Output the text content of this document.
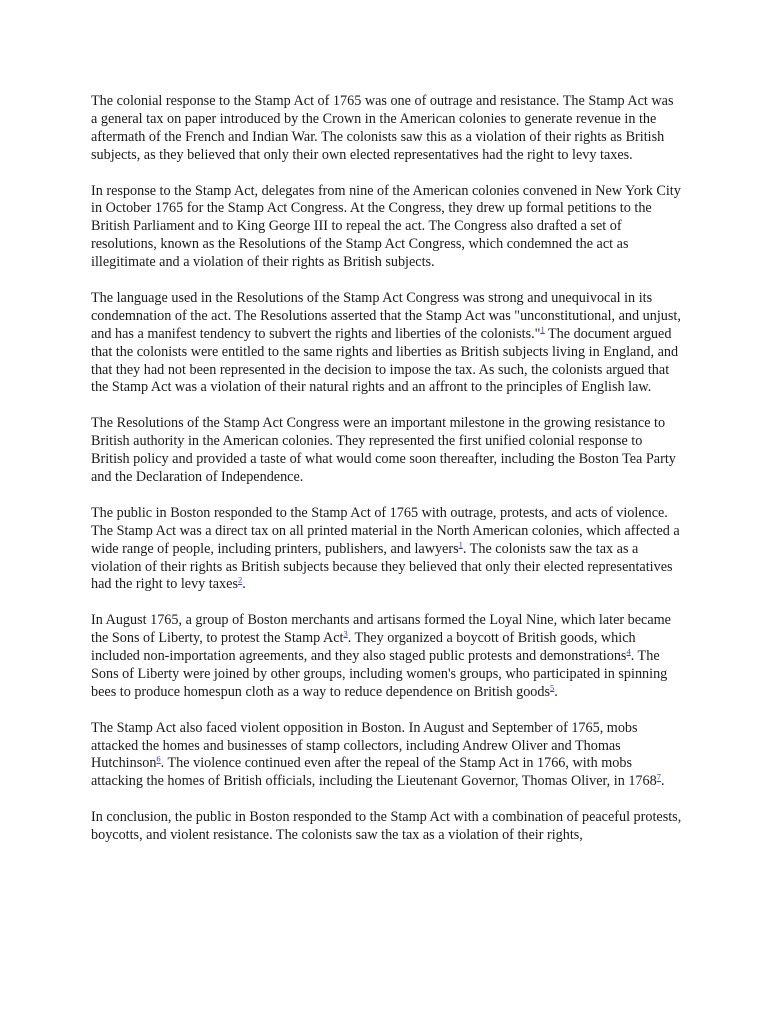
The colonial response to the Stamp Act of 1765 was one of outrage and resistance. The Stamp Act was a general tax on paper introduced by the Crown in the American colonies to generate revenue in the aftermath of the French and Indian War. The colonists saw this as a violation of their rights as British subjects, as they believed that only their own elected representatives had the right to levy taxes.

In response to the Stamp Act, delegates from nine of the American colonies convened in New York City in October 1765 for the Stamp Act Congress. At the Congress, they drew up formal petitions to the British Parliament and to King George III to repeal the act. The Congress also drafted a set of resolutions, known as the Resolutions of the Stamp Act Congress, which condemned the act as illegitimate and a violation of their rights as British subjects.

The language used in the Resolutions of the Stamp Act Congress was strong and unequivocal in its condemnation of the act. The Resolutions asserted that the Stamp Act was "unconstitutional, and unjust, and has a manifest tendency to subvert the rights and liberties of the colonists."$^1$ The document argued that the colonists were entitled to the same rights and liberties as British subjects living in England, and that they had not been represented in the decision to impose the tax. As such, the colonists argued that the Stamp Act was a violation of their natural rights and an affront to the principles of English law.

The Resolutions of the Stamp Act Congress were an important milestone in the growing resistance to British authority in the American colonies. They represented the first unified colonial response to British policy and provided a taste of what would come soon thereafter, including the Boston Tea Party and the Declaration of Independence.

The public in Boston responded to the Stamp Act of 1765 with outrage, protests, and acts of violence. The Stamp Act was a direct tax on all printed material in the North American colonies, which affected a wide range of people, including printers, publishers, and lawyers$^1$. The colonists saw the tax as a violation of their rights as British subjects because they believed that only their elected representatives had the right to levy taxes$^2$.

In August 1765, a group of Boston merchants and artisans formed the Loyal Nine, which later became the Sons of Liberty, to protest the Stamp Act$^3$. They organized a boycott of British goods, which included non-importation agreements, and they also staged public protests and demonstrations$^4$. The Sons of Liberty were joined by other groups, including women's groups, who participated in spinning bees to produce homespun cloth as a way to reduce dependence on British goods$^5$.

The Stamp Act also faced violent opposition in Boston. In August and September of 1765, mobs attacked the homes and businesses of stamp collectors, including Andrew Oliver and Thomas Hutchinson$^6$. The violence continued even after the repeal of the Stamp Act in 1766, with mobs attacking the homes of British officials, including the Lieutenant Governor, Thomas Oliver, in 1768$^7$.

In conclusion, the public in Boston responded to the Stamp Act with a combination of peaceful protests, boycotts, and violent resistance. The colonists saw the tax as a violation of their rights,
